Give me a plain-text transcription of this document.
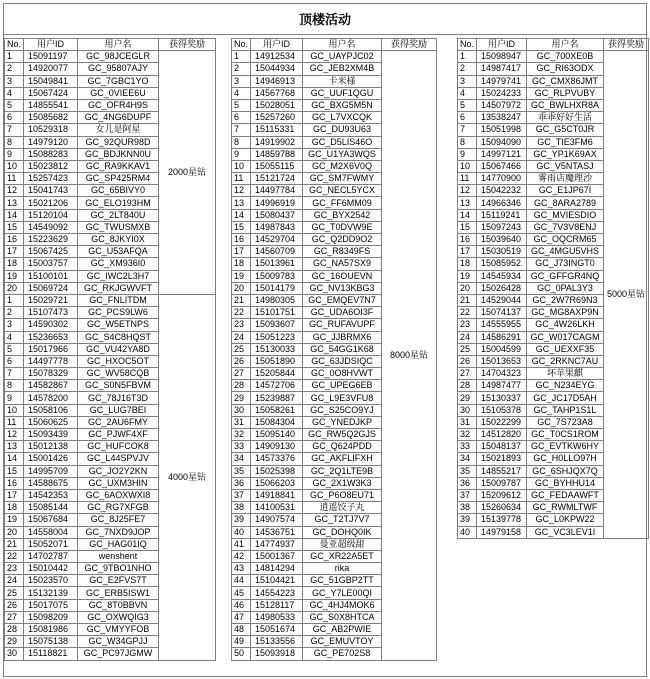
顶楼活动
No.	用户ID	用户名	获得奖励
1	15091197	GC_98JCEGLR	2000星钻
2	14920077	GC_95807AJY	
3	15049841	GC_7GBC1YO	
4	15067424	GC_0VIEE6U	
5	14855541	GC_OFR4H9S	
6	15085682	GC_4NG6DUPF	
7	10529318	女儿是阿星	
8	14979120	GC_92QUR98D	
9	15088283	GC_BDJKNN0U	
10	15023812	GC_RA9KKAV1	
11	15257423	GC_SP425RM4	
12	15041743	GC_65BIVY0	
13	15021206	GC_ELO193HM	
14	15120104	GC_2LT840U	
15	14549092	GC_TWUSMXB	
16	15223629	GC_8JKYI0X	
17	15067425	GC_U53AFQA	
18	15003757	GC_XM936I0	
19	15100101	GC_IWC2L3H7	
20	15069724	GC_RKJGWVFT	
1	15029721	GC_FNLITDM	4000星钻
2	15107473	GC_PCS9LW6	
3	14590302	GC_W5ETNPS	
4	15236653	GC_S4C8HQST	
5	15017966	GC_VU42YA8D	
6	14497778	GC_HXOC5OT	
7	15078329	GC_WV58CQB	
8	14582867	GC_S0N5FBVM	
9	14578200	GC_78J16T3D	
10	15058106	GC_LUG7BEI	
11	15060625	GC_2AU6FMY	
12	15093439	GC_PJWF4XF	
13	15012138	GC_HUFCOK8	
14	15001426	GC_L44SPVJV	
15	14995709	GC_JO2Y2KN	
16	14588675	GC_UXM3HIN	
17	14542353	GC_6AOXWXI8	
18	15085144	GC_RG7XFGB	
19	15067684	GC_8J25FE7	
20	14558004	GC_7NXD9JOP	
21	15052071	GC_HAG01IQ	
22	14702787	wenshent	
23	15010442	GC_9TBO1NHO	
24	15023570	GC_E2FVS7T	
25	15132139	GC_ERB5ISW1	
26	15017075	GC_8T0BBVN	
27	15098209	GC_OXWQIG3	
28	15081986	GC_VMYYFOB	
29	15075138	GC_W34GPJJ	
30	15118821	GC_PC97JGMW	
No.	用户ID	用户名	获得奖励
1	14912534	GC_UAYPJC02	8000星钻
2	15044934	GC_JEB2XM4B	
3	14946913	卡米様	
4	14567768	GC_UUF1QGU	
5	15028051	GC_BXG5M5N	
6	15257260	GC_L7VXCQK	
7	15115331	GC_DU93U63	
8	14919902	GC_D5LIS46O	
9	14859788	GC_U1YA3WQS	
10	15055115	GC_M2X6V0Q	
11	15121724	GC_SM7FWMY	
12	14497784	GC_NECL5YCX	
13	14996919	GC_FF6MM09	
14	15080437	GC_BYX2542	
15	14987843	GC_T0DVW9E	
16	14529704	GC_Q2DD9O2	
17	14560709	GC_R8349FS	
18	15013961	GC_NA57SX9	
19	15009783	GC_16OUEVN	
20	15014179	GC_NV13KBG3	
21	14980305	GC_EMQEV7N7	
22	15101751	GC_UDA6OI3F	
23	15093607	GC_RUFAVUPF	
24	15051223	GC_JJBRMX6	
25	15130033	GC_54GG1K68	
26	15051890	GC_63JDSIQC	
27	15205844	GC_0O8HVWT	
28	14572706	GC_UPEG6EB	
29	15239887	GC_L9E3VFU8	
30	15058261	GC_S25CO9YJ	
31	15084304	GC_YNEDJKP	
32	15095140	GC_RW5Q2GJS	
33	14909130	GC_Q624PDD	
34	14573376	GC_AKFLIFXH	
35	15025398	GC_2Q1LTE9B	
36	15066203	GC_2X1W3K3	
37	14918841	GC_P6O8EU71	
38	14100531	逍遥饺子丸	
39	14907574	GC_T2TJ7V7	
40	14536751	GC_DOHQ0IK	
41	14774937	曼亚超级甜	
42	15001367	GC_XR22A5ET	
43	14814294	rika	
44	15104421	GC_51GBP2TT	
45	14554223	GC_Y7LE00QI	
46	15128117	GC_4HJ4MOK6	
47	14980533	GC_S0X8HTCA	
48	15051674	GC_AB2PWIE	
49	15133556	GC_EMUVTOY	
50	15093918	GC_PE702S8	
No.	用户ID	用户名	获得奖励
1	15098947	GC_700XE0B	5000星钻
2	14987417	GC_RI63ODX	
3	14979741	GC_CMX86JMT	
4	15024233	GC_RLPVUBY	
5	14507972	GC_BWLHXR8A	
6	13538247	乖乖好好生活	
7	15051998	GC_G5CT0JR	
8	15094090	GC_TIE3FM6	
9	14997121	GC_YP1K69AX	
10	15067466	GC_V5NTASJ	
11	14770900	雾雨店魔理沙	
12	15042232	GC_E1JP67I	
13	14966346	GC_8ARA2789	
14	15119241	GC_MVIESDIO	
15	15097243	GC_7V3V8ENJ	
16	15039640	GC_OQCRM65	
17	15030519	GC_4MGU5VHS	
18	15085952	GC_J73INGT0	
19	14545934	GC_GFFGR4NQ	
20	15026428	GC_0PAL3Y3	
21	14529044	GC_2W7R69N3	
22	15074137	GC_MG8AXP9N	
23	14555955	GC_4W26LKH	
24	14586291	GC_W017CAGM	
25	15004599	GC_UEXXF35	
26	15013653	GC_2RKNC7AU	
27	14704323	坏苹果麒	
28	14987477	GC_N234EYG	
29	15130337	GC_JC17D5AH	
30	15105378	GC_TAHP1S1L	
31	15022299	GC_7S723A8	
32	14512820	GC_T0CS1ROM	
33	15048137	GC_EVTKW6HY	
34	15021893	GC_H0LLO97H	
35	14855217	GC_6SHJQX7Q	
36	15009787	GC_BYHHU14	
37	15209612	GC_FEDAAWFT	
38	15260634	GC_RWMLTWF	
39	15139778	GC_L0KPW22	
40	14979158	GC_VC3LEV1I	
